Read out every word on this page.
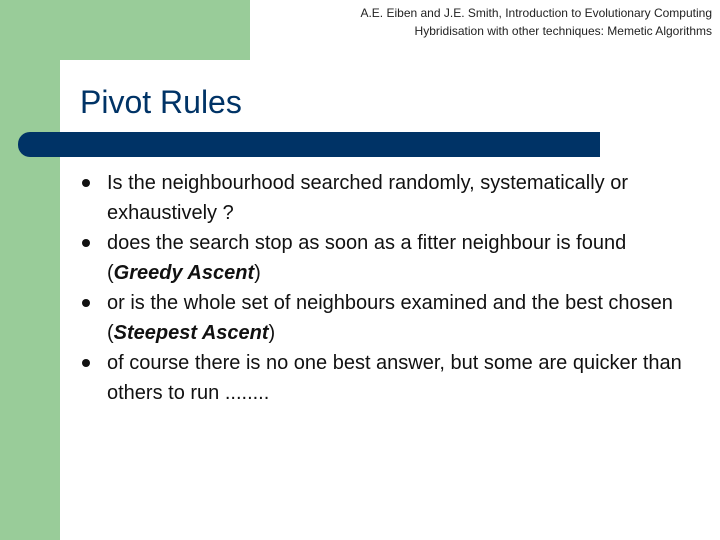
A.E. Eiben and J.E. Smith, Introduction to Evolutionary Computing
Hybridisation with other techniques: Memetic Algorithms
Pivot Rules
Is the neighbourhood searched randomly, systematically or exhaustively ?
does the search stop as soon as a fitter neighbour is found (Greedy Ascent)
or is the whole set of neighbours examined and the best chosen (Steepest Ascent)
of course there is no one best answer, but some are quicker than others to run ........
